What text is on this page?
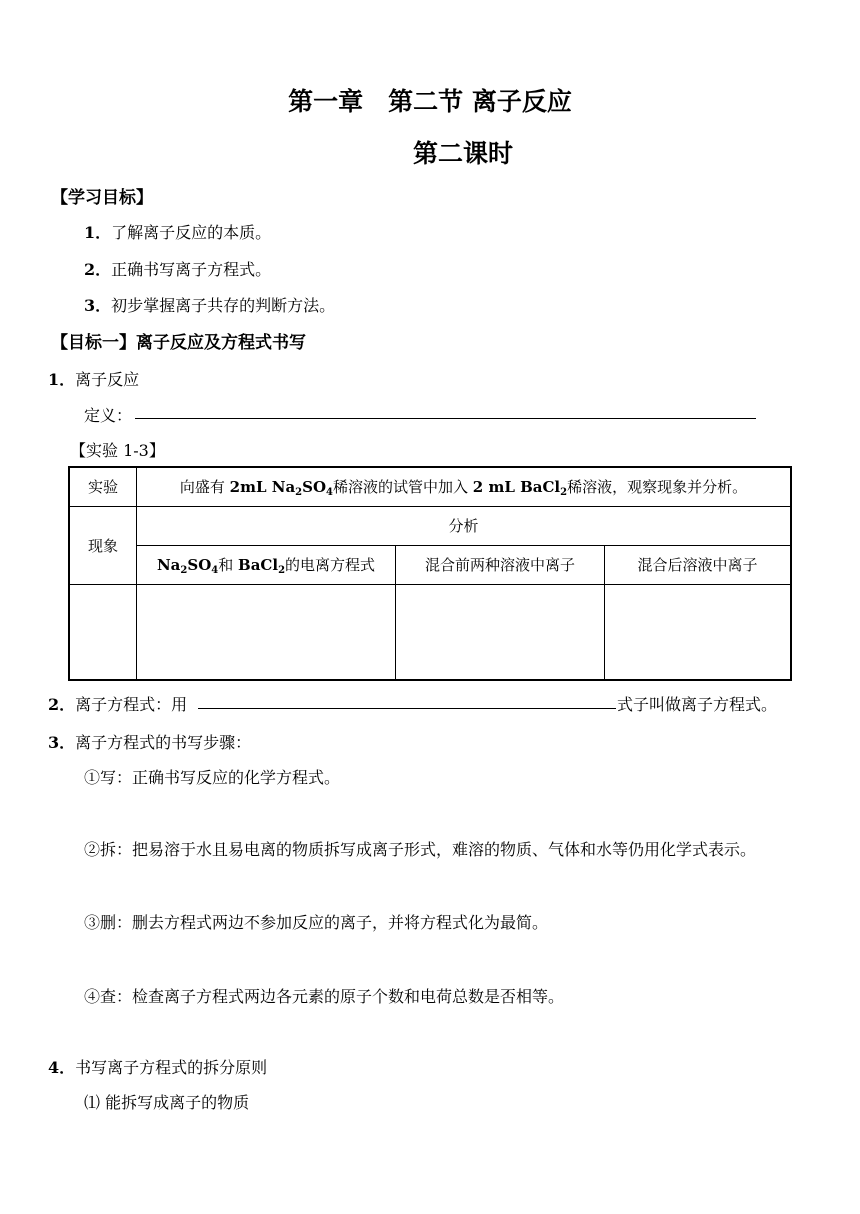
第一章　第二节 离子反应
第二课时
【学习目标】
1．了解离子反应的本质。
2．正确书写离子方程式。
3．初步掌握离子共存的判断方法。
【目标一】离子反应及方程式书写
1．离子反应
定义：
【实验 1-3】
实验	向盛有 2mL $Na_2SO_4$稀溶液的试管中加入 2 mL BaCl$_2$稀溶液，观察现象并分析。		
现象	分析		
	$Na_2SO_4$和 BaCl$_2$的电离方程式	混合前两种溶液中离子	混合后溶液中离子

2．离子方程式：用	式子叫做离子方程式。
3．离子方程式的书写步骤：
①写：正确书写反应的化学方程式。
②拆：把易溶于水且易电离的物质拆写成离子形式，难溶的物质、气体和水等仍用化学式表示。
③删：删去方程式两边不参加反应的离子，并将方程式化为最简。
④查：检查离子方程式两边各元素的原子个数和电荷总数是否相等。
4．书写离子方程式的拆分原则
⑴ 能拆写成离子的物质
